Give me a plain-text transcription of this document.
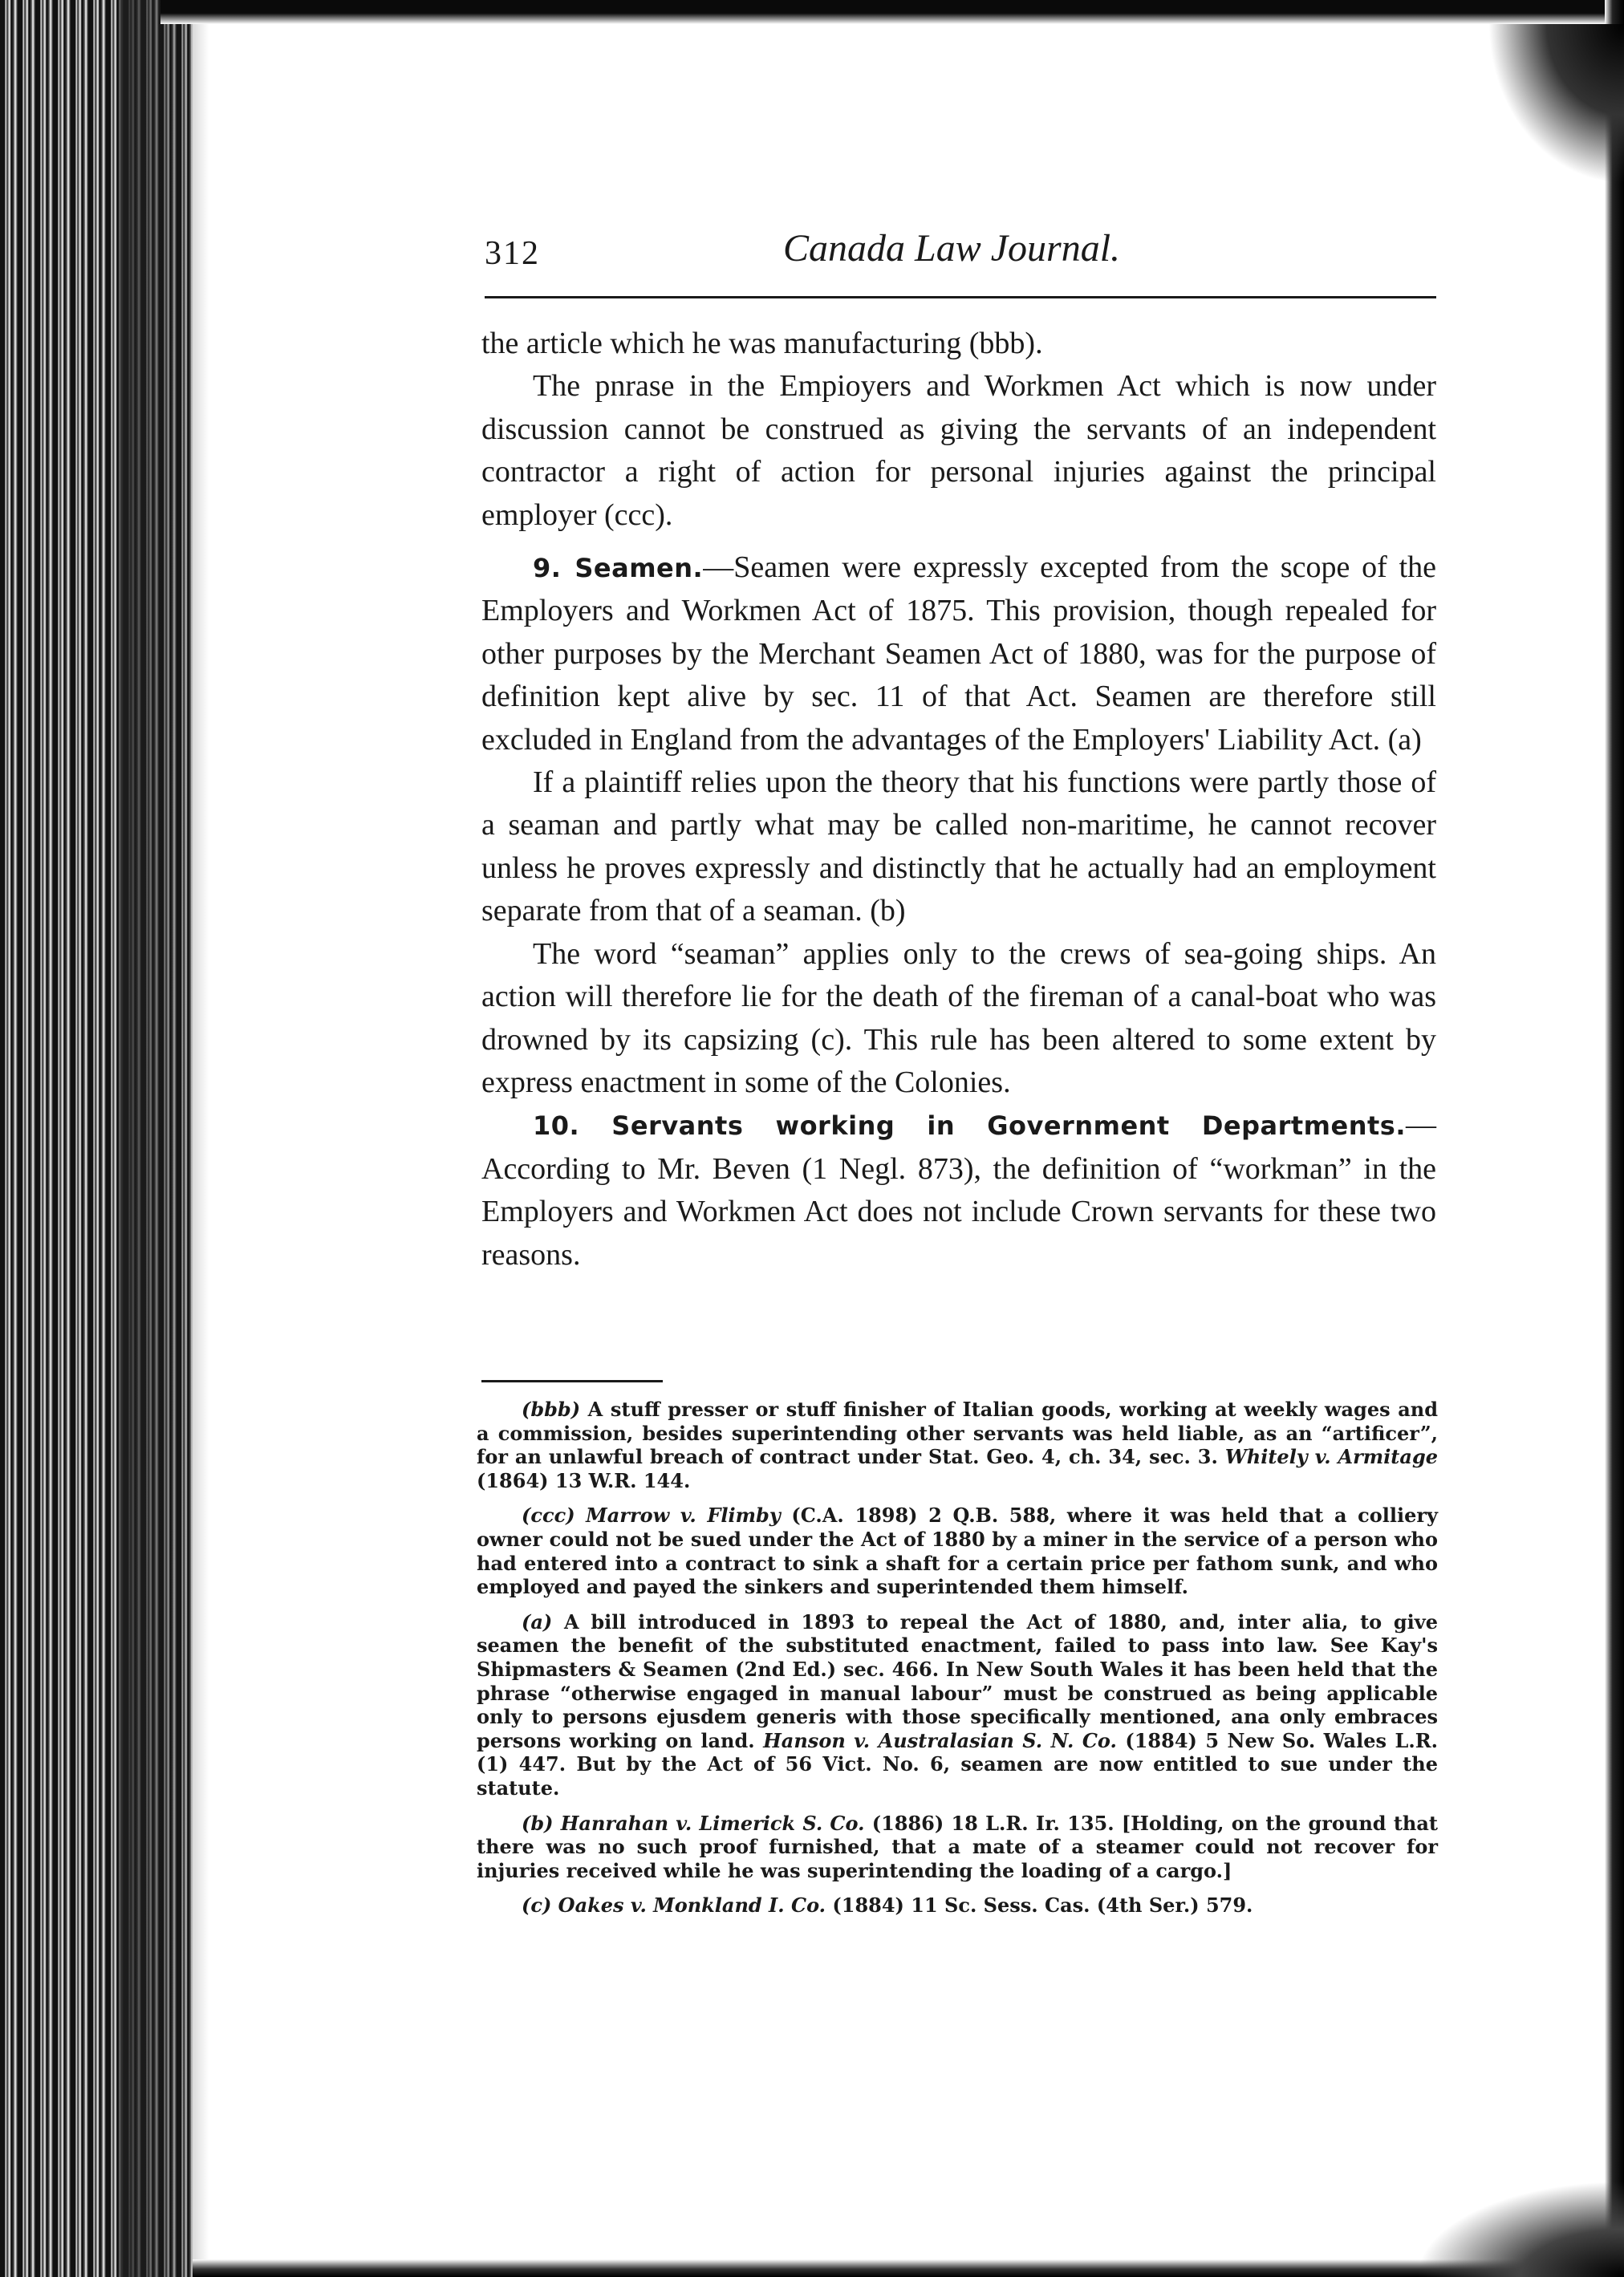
312	Canada Law Journal.

the article which he was manufacturing (bbb).

The pnrase in the Empioyers and Workmen Act which is now under discussion cannot be construed as giving the servants of an independent contractor a right of action for personal injuries against the principal employer (ccc).

9. Seamen.—Seamen were expressly excepted from the scope of the Employers and Workmen Act of 1875. This provision, though repealed for other purposes by the Merchant Seamen Act of 1880, was for the purpose of definition kept alive by sec. 11 of that Act. Seamen are therefore still excluded in England from the advantages of the Employers' Liability Act. (a)

If a plaintiff relies upon the theory that his functions were partly those of a seaman and partly what may be called non-maritime, he cannot recover unless he proves expressly and distinctly that he actually had an employment separate from that of a seaman. (b)

The word “seaman” applies only to the crews of sea-going ships. An action will therefore lie for the death of the fireman of a canal-boat who was drowned by its capsizing (c). This rule has been altered to some extent by express enactment in some of the Colonies.

10. Servants working in Government Departments.—According to Mr. Beven (1 Negl. 873), the definition of “workman” in the Employers and Workmen Act does not include Crown servants for these two reasons.

(bbb) A stuff presser or stuff finisher of Italian goods, working at weekly wages and a commission, besides superintending other servants was held liable, as an “artificer”, for an unlawful breach of contract under Stat. Geo. 4, ch. 34, sec. 3. Whitely v. Armitage (1864) 13 W.R. 144.

(ccc) Marrow v. Flimby (C.A. 1898) 2 Q.B. 588, where it was held that a colliery owner could not be sued under the Act of 1880 by a miner in the service of a person who had entered into a contract to sink a shaft for a certain price per fathom sunk, and who employed and payed the sinkers and superintended them himself.

(a) A bill introduced in 1893 to repeal the Act of 1880, and, inter alia, to give seamen the benefit of the substituted enactment, failed to pass into law. See Kay's Shipmasters & Seamen (2nd Ed.) sec. 466. In New South Wales it has been held that the phrase “otherwise engaged in manual labour” must be construed as being applicable only to persons ejusdem generis with those specifically mentioned, ana only embraces persons working on land. Hanson v. Australasian S. N. Co. (1884) 5 New So. Wales L.R. (1) 447. But by the Act of 56 Vict. No. 6, seamen are now entitled to sue under the statute.

(b) Hanrahan v. Limerick S. Co. (1886) 18 L.R. Ir. 135. [Holding, on the ground that there was no such proof furnished, that a mate of a steamer could not recover for injuries received while he was superintending the loading of a cargo.]

(c) Oakes v. Monkland I. Co. (1884) 11 Sc. Sess. Cas. (4th Ser.) 579.
